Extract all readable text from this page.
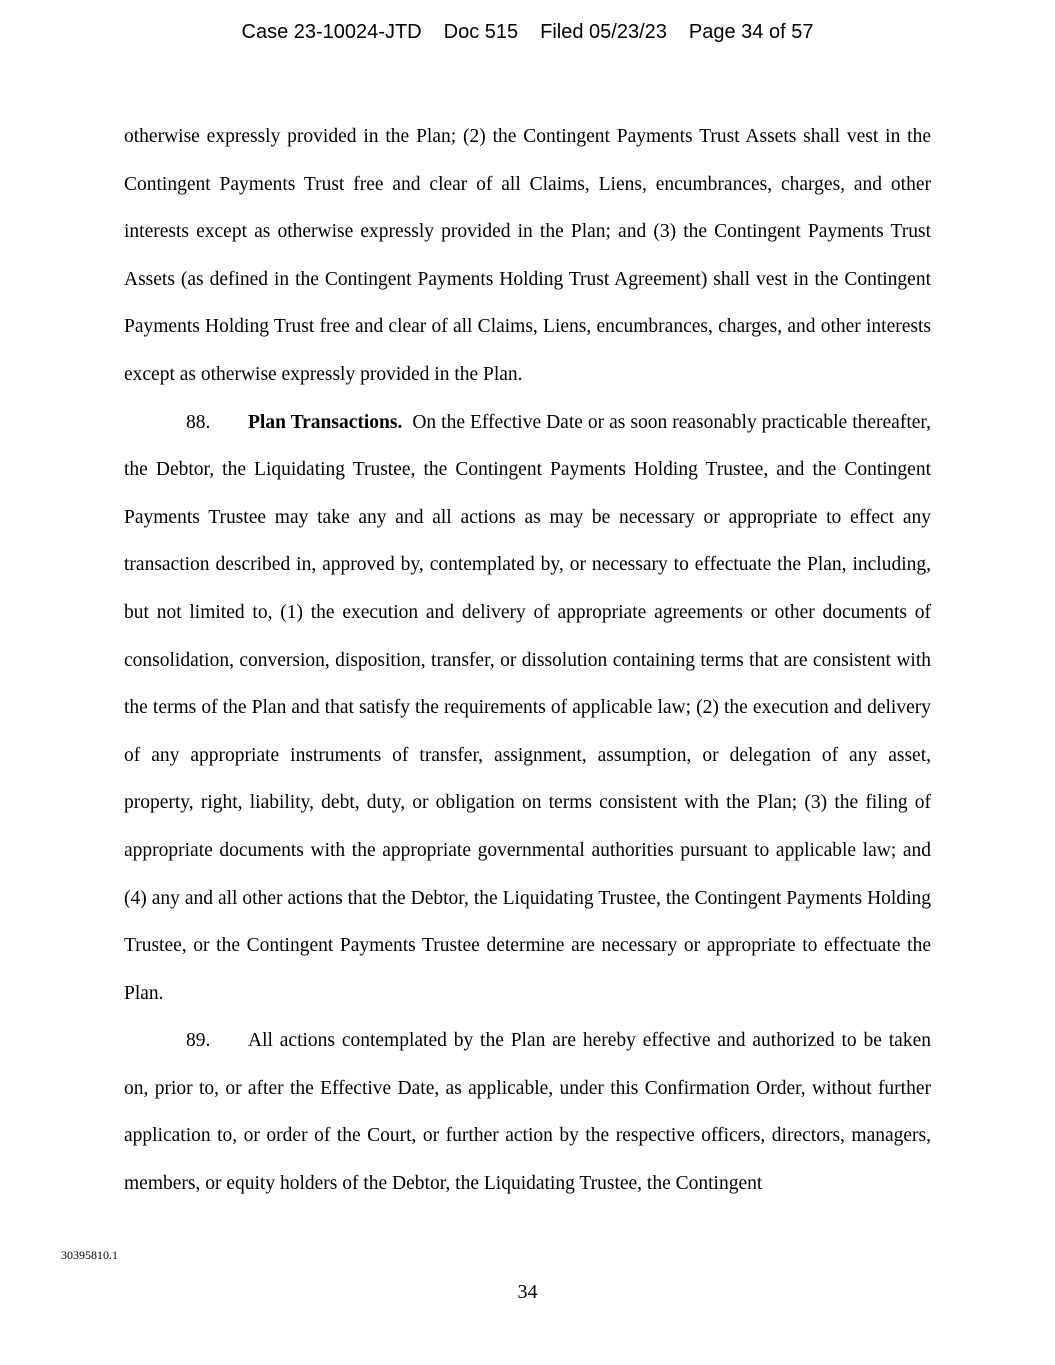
Case 23-10024-JTD Doc 515 Filed 05/23/23 Page 34 of 57

otherwise expressly provided in the Plan; (2) the Contingent Payments Trust Assets shall vest in the Contingent Payments Trust free and clear of all Claims, Liens, encumbrances, charges, and other interests except as otherwise expressly provided in the Plan; and (3) the Contingent Payments Trust Assets (as defined in the Contingent Payments Holding Trust Agreement) shall vest in the Contingent Payments Holding Trust free and clear of all Claims, Liens, encumbrances, charges, and other interests except as otherwise expressly provided in the Plan.

88. Plan Transactions. On the Effective Date or as soon reasonably practicable thereafter, the Debtor, the Liquidating Trustee, the Contingent Payments Holding Trustee, and the Contingent Payments Trustee may take any and all actions as may be necessary or appropriate to effect any transaction described in, approved by, contemplated by, or necessary to effectuate the Plan, including, but not limited to, (1) the execution and delivery of appropriate agreements or other documents of consolidation, conversion, disposition, transfer, or dissolution containing terms that are consistent with the terms of the Plan and that satisfy the requirements of applicable law; (2) the execution and delivery of any appropriate instruments of transfer, assignment, assumption, or delegation of any asset, property, right, liability, debt, duty, or obligation on terms consistent with the Plan; (3) the filing of appropriate documents with the appropriate governmental authorities pursuant to applicable law; and (4) any and all other actions that the Debtor, the Liquidating Trustee, the Contingent Payments Holding Trustee, or the Contingent Payments Trustee determine are necessary or appropriate to effectuate the Plan.

89. All actions contemplated by the Plan are hereby effective and authorized to be taken on, prior to, or after the Effective Date, as applicable, under this Confirmation Order, without further application to, or order of the Court, or further action by the respective officers, directors, managers, members, or equity holders of the Debtor, the Liquidating Trustee, the Contingent

30395810.1
34
